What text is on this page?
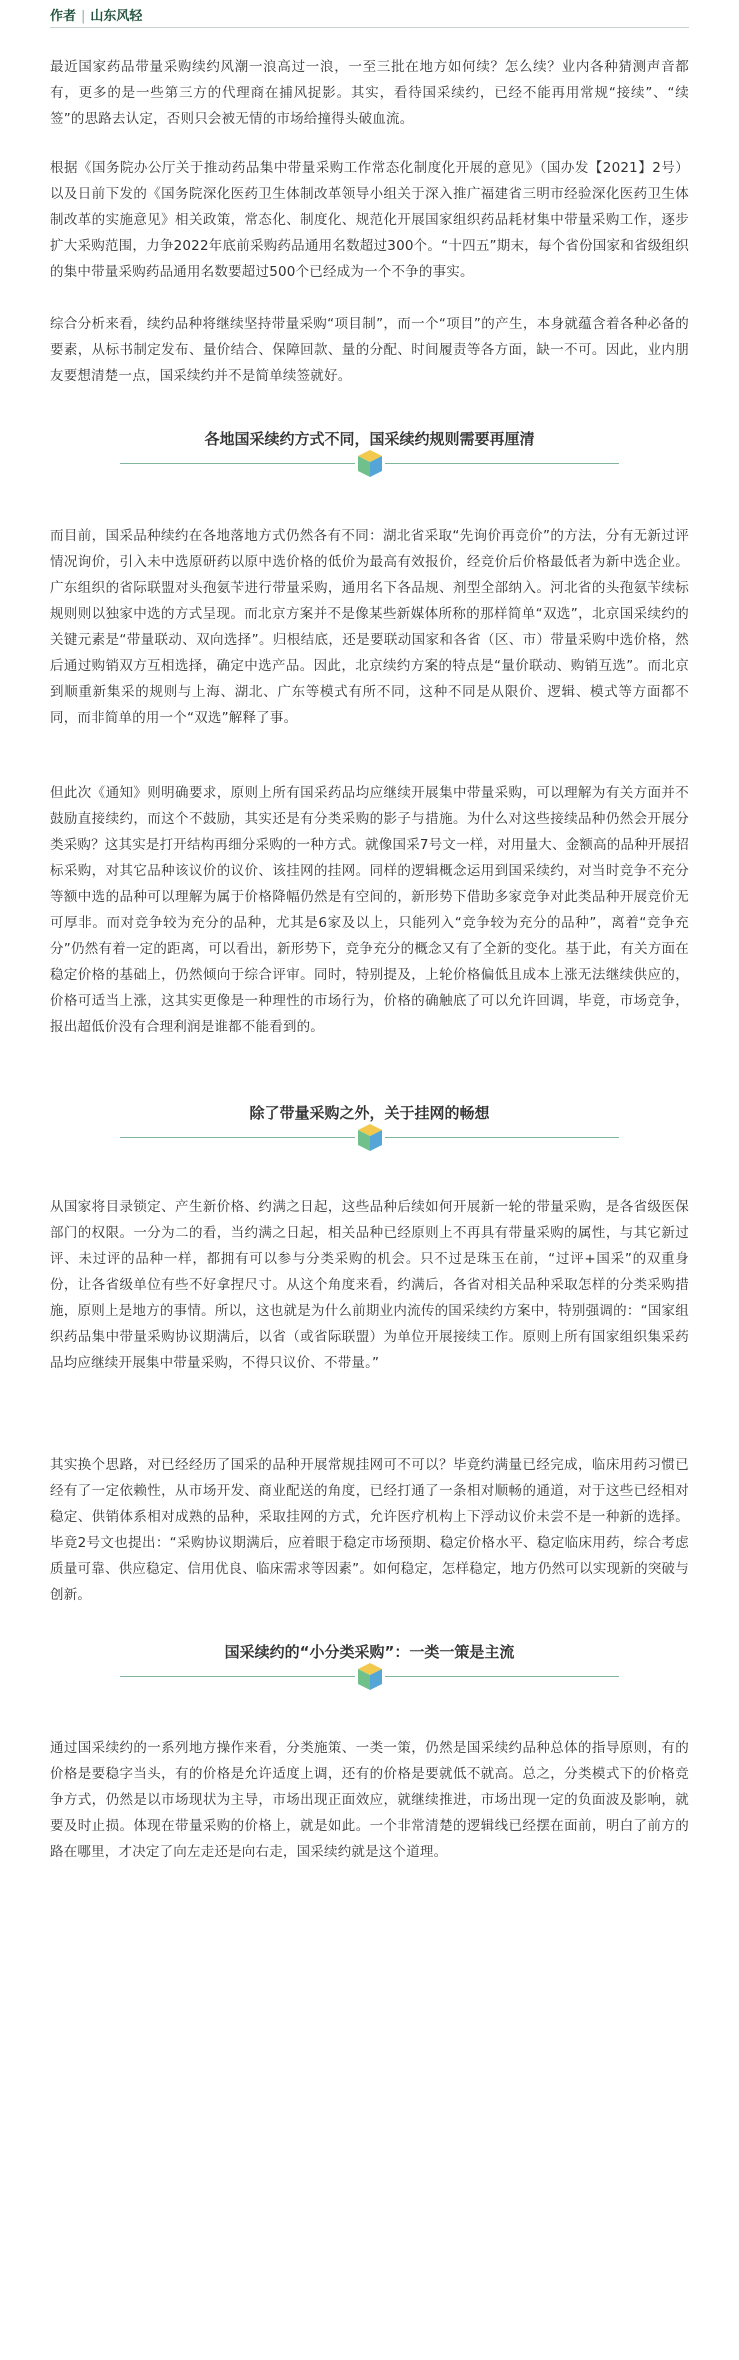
作者 | 山东风轻

最近国家药品带量采购续约风潮一浪高过一浪，一至三批在地方如何续？怎么续？业内各种猜测声音都有，更多的是一些第三方的代理商在捕风捉影。其实，看待国采续约，已经不能再用常规“接续”、“续签”的思路去认定，否则只会被无情的市场给撞得头破血流。

根据《国务院办公厅关于推动药品集中带量采购工作常态化制度化开展的意见》（国办发【2021】2号）以及日前下发的《国务院深化医药卫生体制改革领导小组关于深入推广福建省三明市经验深化医药卫生体制改革的实施意见》相关政策，常态化、制度化、规范化开展国家组织药品耗材集中带量采购工作，逐步扩大采购范围，力争2022年底前采购药品通用名数超过300个。“十四五”期末，每个省份国家和省级组织的集中带量采购药品通用名数要超过500个已经成为一个不争的事实。

综合分析来看，续约品种将继续坚持带量采购“项目制”，而一个“项目”的产生，本身就蕴含着各种必备的要素，从标书制定发布、量价结合、保障回款、量的分配、时间履责等各方面，缺一不可。因此，业内朋友要想清楚一点，国采续约并不是简单续签就好。

各地国采续约方式不同，国采续约规则需要再厘清

而目前，国采品种续约在各地落地方式仍然各有不同：湖北省采取“先询价再竞价”的方法，分有无新过评情况询价，引入未中选原研药以原中选价格的低价为最高有效报价，经竞价后价格最低者为新中选企业。广东组织的省际联盟对头孢氨苄进行带量采购，通用名下各品规、剂型全部纳入。河北省的头孢氨苄续标规则则以独家中选的方式呈现。而北京方案并不是像某些新媒体所称的那样简单“双选”，北京国采续约的关键元素是“带量联动、双向选择”。归根结底，还是要联动国家和各省（区、市）带量采购中选价格，然后通过购销双方互相选择，确定中选产品。因此，北京续约方案的特点是“量价联动、购销互选”。而北京到顺重新集采的规则与上海、湖北、广东等模式有所不同，这种不同是从限价、逻辑、模式等方面都不同，而非简单的用一个“双选”解释了事。

但此次《通知》则明确要求，原则上所有国采药品均应继续开展集中带量采购，可以理解为有关方面并不鼓励直接续约，而这个不鼓励，其实还是有分类采购的影子与措施。为什么对这些接续品种仍然会开展分类采购？这其实是打开结构再细分采购的一种方式。就像国采7号文一样，对用量大、金额高的品种开展招标采购，对其它品种该议价的议价、该挂网的挂网。同样的逻辑概念运用到国采续约，对当时竞争不充分等额中选的品种可以理解为属于价格降幅仍然是有空间的，新形势下借助多家竞争对此类品种开展竞价无可厚非。而对竞争较为充分的品种，尤其是6家及以上，只能列入“竞争较为充分的品种”，离着“竞争充分”仍然有着一定的距离，可以看出，新形势下，竞争充分的概念又有了全新的变化。基于此，有关方面在稳定价格的基础上，仍然倾向于综合评审。同时，特别提及，上轮价格偏低且成本上涨无法继续供应的，价格可适当上涨，这其实更像是一种理性的市场行为，价格的确触底了可以允许回调，毕竟，市场竞争，报出超低价没有合理利润是谁都不能看到的。

除了带量采购之外，关于挂网的畅想

从国家将目录锁定、产生新价格、约满之日起，这些品种后续如何开展新一轮的带量采购，是各省级医保部门的权限。一分为二的看，当约满之日起，相关品种已经原则上不再具有带量采购的属性，与其它新过评、未过评的品种一样，都拥有可以参与分类采购的机会。只不过是珠玉在前，“过评+国采”的双重身份，让各省级单位有些不好拿捏尺寸。从这个角度来看，约满后，各省对相关品种采取怎样的分类采购措施，原则上是地方的事情。所以，这也就是为什么前期业内流传的国采续约方案中，特别强调的：“国家组织药品集中带量采购协议期满后，以省（或省际联盟）为单位开展接续工作。原则上所有国家组织集采药品均应继续开展集中带量采购，不得只议价、不带量。”

其实换个思路，对已经经历了国采的品种开展常规挂网可不可以？毕竟约满量已经完成，临床用药习惯已经有了一定依赖性，从市场开发、商业配送的角度，已经打通了一条相对顺畅的通道，对于这些已经相对稳定、供销体系相对成熟的品种，采取挂网的方式，允许医疗机构上下浮动议价未尝不是一种新的选择。毕竟2号文也提出：“采购协议期满后，应着眼于稳定市场预期、稳定价格水平、稳定临床用药，综合考虑质量可靠、供应稳定、信用优良、临床需求等因素”。如何稳定，怎样稳定，地方仍然可以实现新的突破与创新。

国采续约的“小分类采购”：一类一策是主流

通过国采续约的一系列地方操作来看，分类施策、一类一策，仍然是国采续约品种总体的指导原则，有的价格是要稳字当头，有的价格是允许适度上调，还有的价格是要就低不就高。总之，分类模式下的价格竞争方式，仍然是以市场现状为主导，市场出现正面效应，就继续推进，市场出现一定的负面波及影响，就要及时止损。体现在带量采购的价格上，就是如此。一个非常清楚的逻辑线已经摆在面前，明白了前方的路在哪里，才决定了向左走还是向右走，国采续约就是这个道理。
